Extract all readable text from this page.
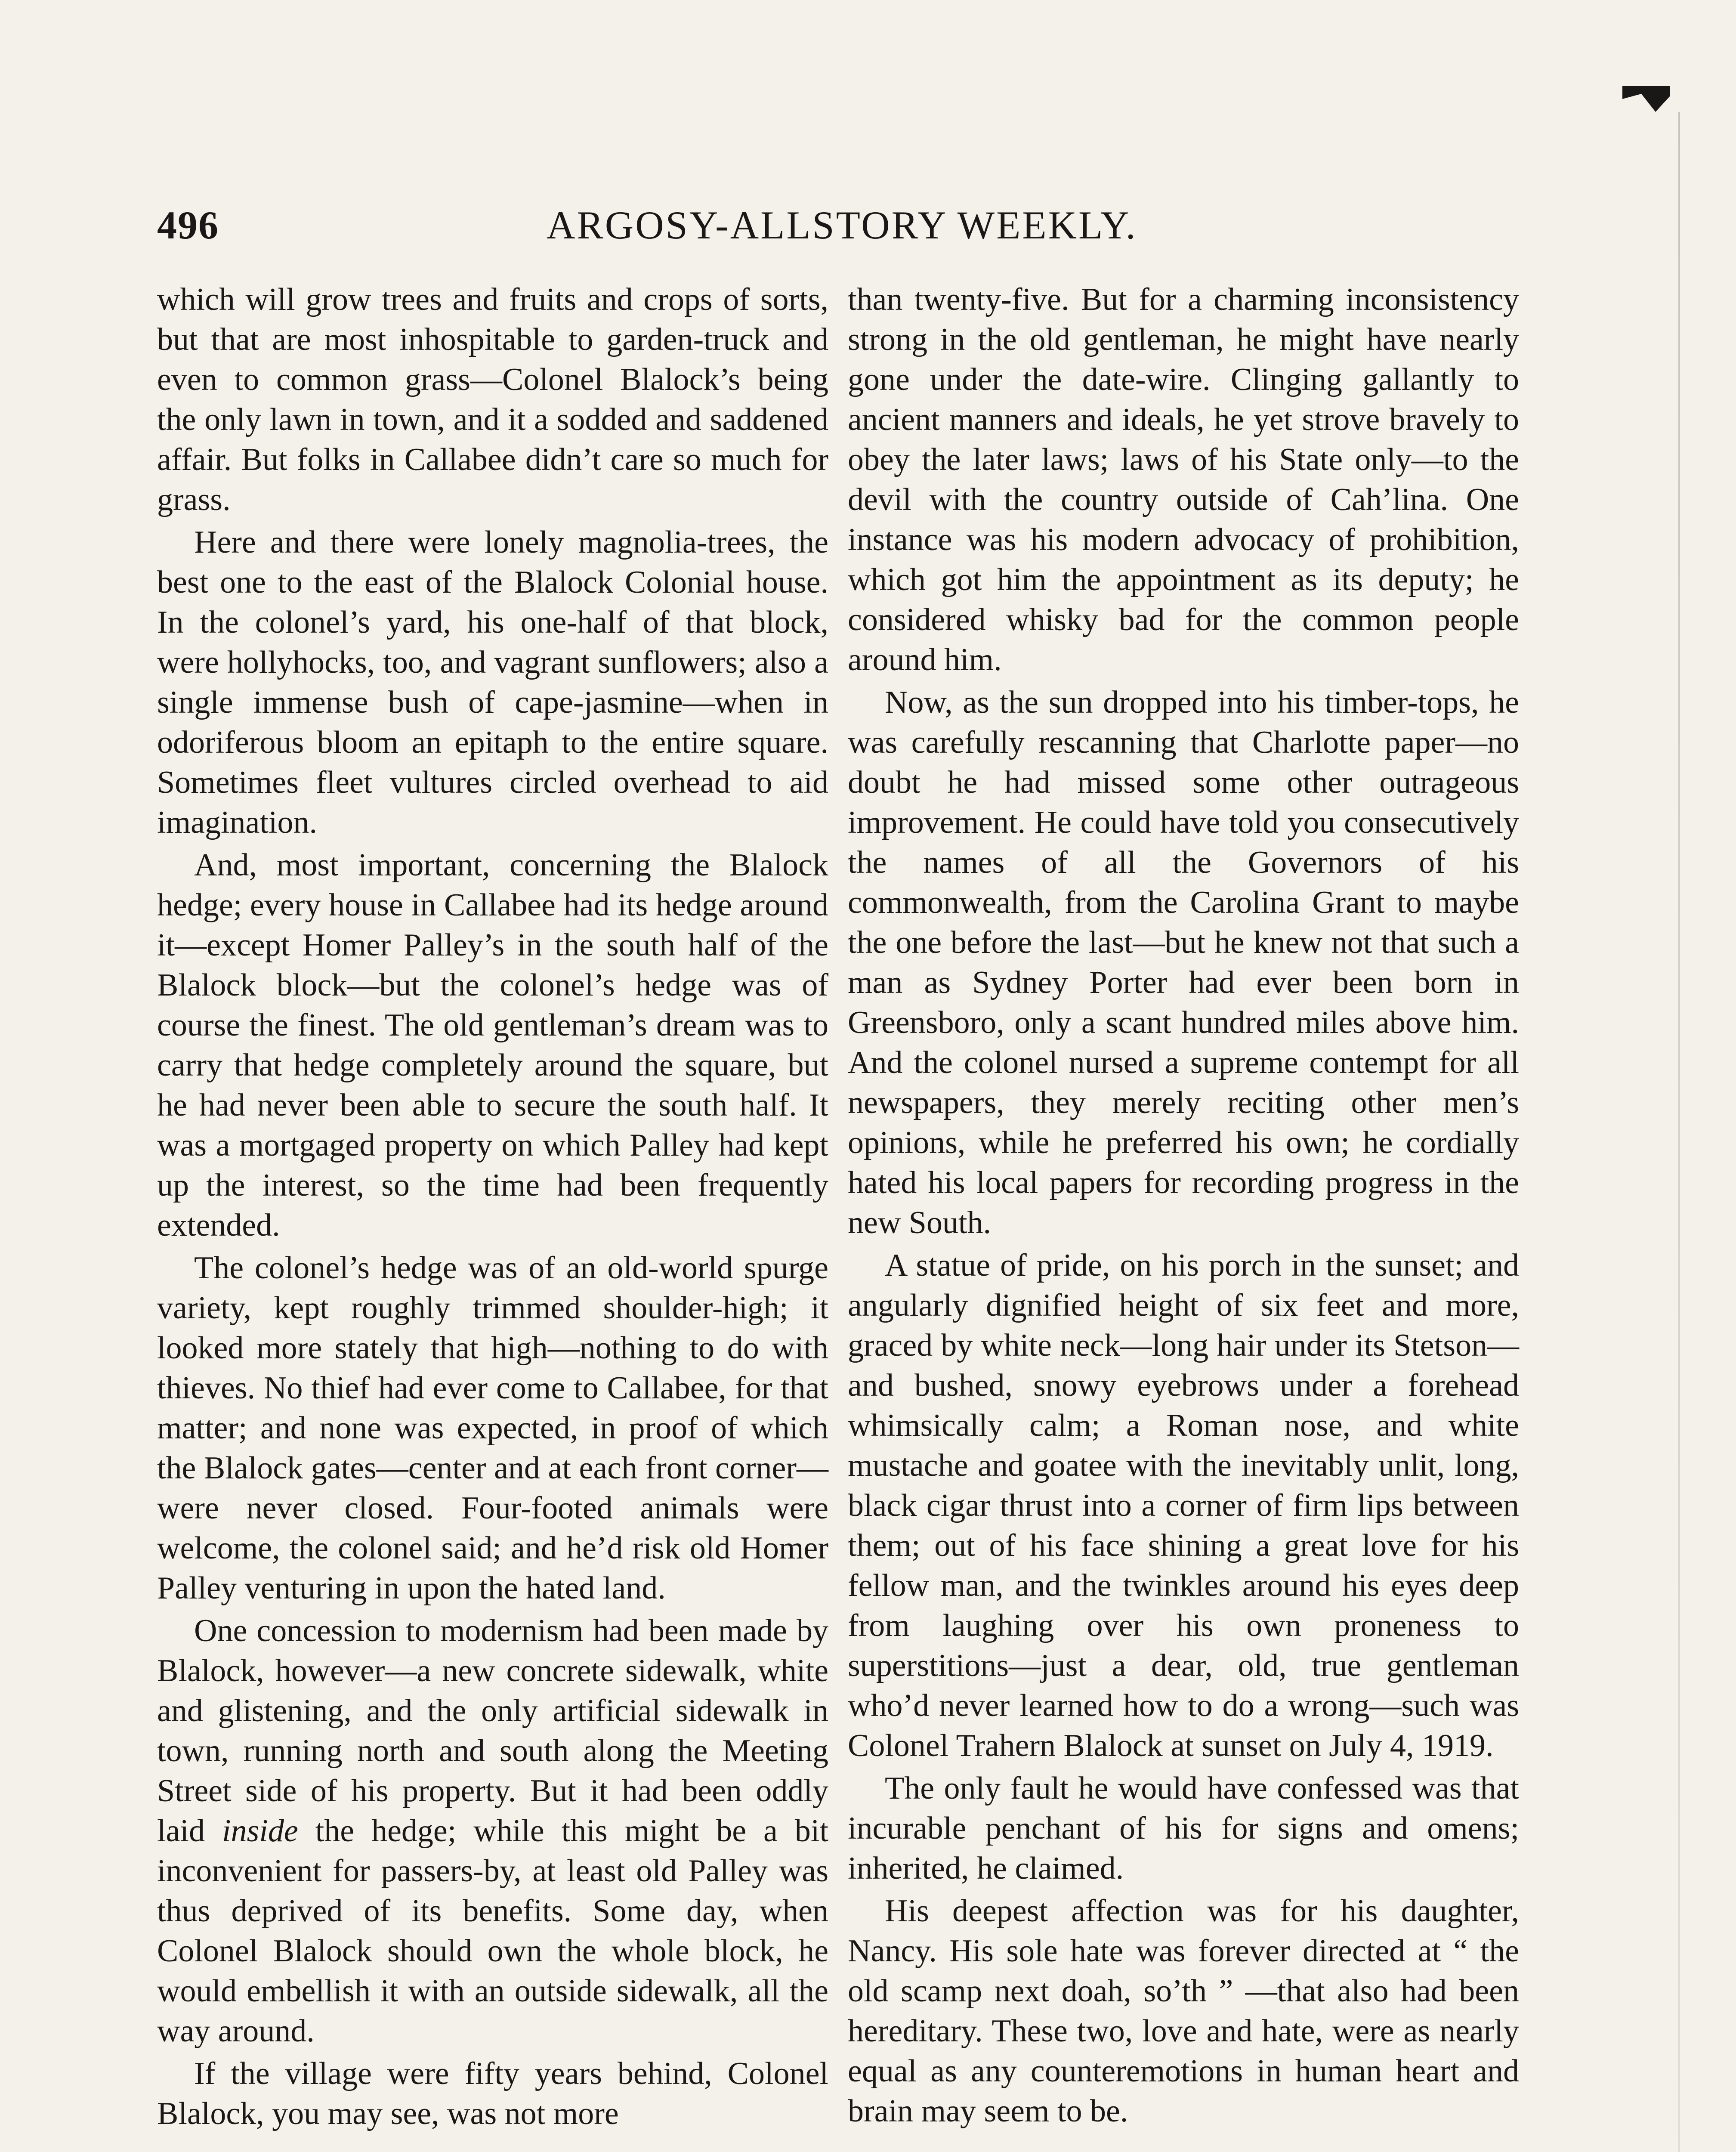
496	ARGOSY-ALLSTORY WEEKLY.

which will grow trees and fruits and crops of sorts, but that are most inhospitable to garden-truck and even to common grass—Colonel Blalock’s being the only lawn in town, and it a sodded and saddened affair. But folks in Callabee didn’t care so much for grass.

Here and there were lonely magnolia-trees, the best one to the east of the Blalock Colonial house. In the colonel’s yard, his one-half of that block, were hollyhocks, too, and vagrant sunflowers; also a single immense bush of cape-jasmine—when in odoriferous bloom an epitaph to the entire square. Sometimes fleet vultures circled overhead to aid imagination.

And, most important, concerning the Blalock hedge; every house in Callabee had its hedge around it—except Homer Palley’s in the south half of the Blalock block—but the colonel’s hedge was of course the finest. The old gentleman’s dream was to carry that hedge completely around the square, but he had never been able to secure the south half. It was a mortgaged property on which Palley had kept up the interest, so the time had been frequently extended.

The colonel’s hedge was of an old-world spurge variety, kept roughly trimmed shoulder-high; it looked more stately that high—nothing to do with thieves. No thief had ever come to Callabee, for that matter; and none was expected, in proof of which the Blalock gates—center and at each front corner—were never closed. Four-footed animals were welcome, the colonel said; and he’d risk old Homer Palley venturing in upon the hated land.

One concession to modernism had been made by Blalock, however—a new concrete sidewalk, white and glistening, and the only artificial sidewalk in town, running north and south along the Meeting Street side of his property. But it had been oddly laid inside the hedge; while this might be a bit inconvenient for passers-by, at least old Palley was thus deprived of its benefits. Some day, when Colonel Blalock should own the whole block, he would embellish it with an outside sidewalk, all the way around.

If the village were fifty years behind, Colonel Blalock, you may see, was not more

than twenty-five. But for a charming inconsistency strong in the old gentleman, he might have nearly gone under the date-wire. Clinging gallantly to ancient manners and ideals, he yet strove bravely to obey the later laws; laws of his State only—to the devil with the country outside of Cah’lina. One instance was his modern advocacy of prohibition, which got him the appointment as its deputy; he considered whisky bad for the common people around him.

Now, as the sun dropped into his timber-tops, he was carefully rescanning that Charlotte paper—no doubt he had missed some other outrageous improvement. He could have told you consecutively the names of all the Governors of his commonwealth, from the Carolina Grant to maybe the one before the last—but he knew not that such a man as Sydney Porter had ever been born in Greensboro, only a scant hundred miles above him. And the colonel nursed a supreme contempt for all newspapers, they merely reciting other men’s opinions, while he preferred his own; he cordially hated his local papers for recording progress in the new South.

A statue of pride, on his porch in the sunset; and angularly dignified height of six feet and more, graced by white neck—long hair under its Stetson—and bushed, snowy eyebrows under a forehead whimsically calm; a Roman nose, and white mustache and goatee with the inevitably unlit, long, black cigar thrust into a corner of firm lips between them; out of his face shining a great love for his fellow man, and the twinkles around his eyes deep from laughing over his own proneness to superstitions—just a dear, old, true gentleman who’d never learned how to do a wrong—such was Colonel Trahern Blalock at sunset on July 4, 1919.

The only fault he would have confessed was that incurable penchant of his for signs and omens; inherited, he claimed.

His deepest affection was for his daughter, Nancy. His sole hate was forever directed at “ the old scamp next doah, so’th ” —that also had been hereditary. These two, love and hate, were as nearly equal as any counteremotions in human heart and brain may seem to be.
